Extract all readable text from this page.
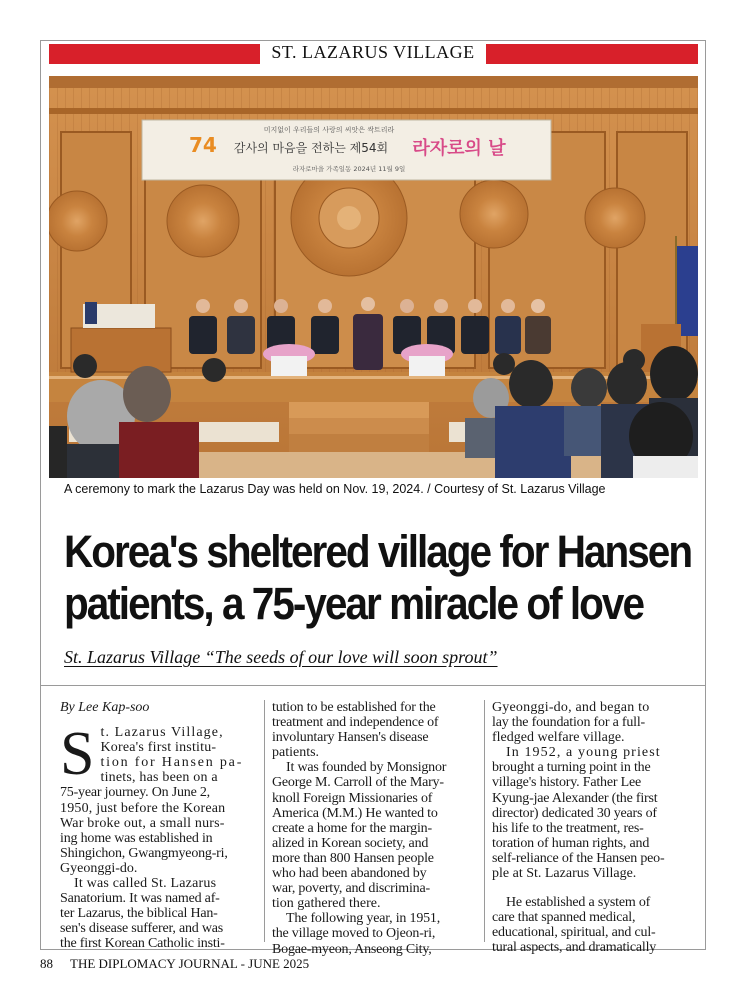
ST. LAZARUS VILLAGE
74
미지없이 우리들의 사랑의 씨앗은 싹트리라
감사의 마음을 전하는 제54회 라자로의 날
라자로마을 가족일동 2024년 11월 9일
A ceremony to mark the Lazarus Day was held on Nov. 19, 2024. / Courtesy of St. Lazarus Village
Korea's sheltered village for Hansen
patients, a 75-year miracle of love
St. Lazarus Village “The seeds of our love will soon sprout”
By Lee Kap-soo
S t. Lazarus Village,
Korea's first institu-
tion for Hansen pa-
tinets, has been on a
75-year journey. On June 2,
1950, just before the Korean
War broke out, a small nurs-
ing home was established in
Shingichon, Gwangmyeong-ri,
Gyeonggi-do.
It was called St. Lazarus
Sanatorium. It was named af-
ter Lazarus, the biblical Han-
sen's disease sufferer, and was
the first Korean Catholic insti-
tution to be established for the
treatment and independence of
involuntary Hansen's disease
patients.
It was founded by Monsignor
George M. Carroll of the Mary-
knoll Foreign Missionaries of
America (M.M.) He wanted to
create a home for the margin-
alized in Korean society, and
more than 800 Hansen people
who had been abandoned by
war, poverty, and discrimina-
tion gathered there.
The following year, in 1951,
the village moved to Ojeon-ri,
Bogae-myeon, Anseong City,
Gyeonggi-do, and began to
lay the foundation for a full-
fledged welfare village.
In 1952, a young priest
brought a turning point in the
village's history. Father Lee
Kyung-jae Alexander (the first
director) dedicated 30 years of
his life to the treatment, res-
toration of human rights, and
self-reliance of the Hansen peo-
ple at St. Lazarus Village.
He established a system of
care that spanned medical,
educational, spiritual, and cul-
tural aspects, and dramatically
88 THE DIPLOMACY JOURNAL - JUNE 2025
